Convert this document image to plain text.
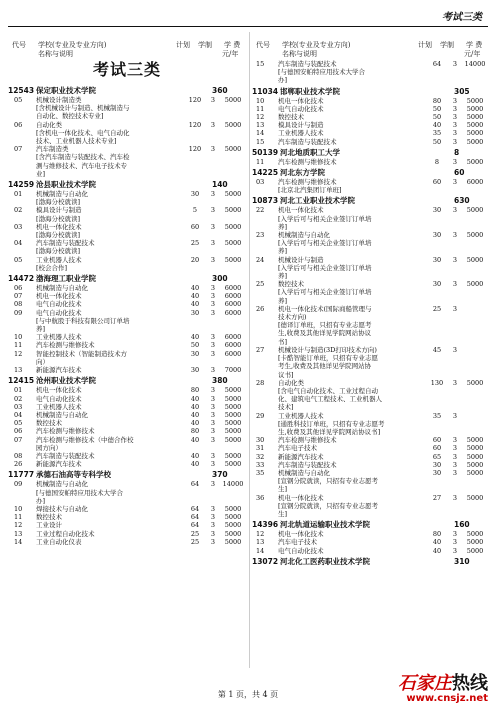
考试三类
代号 学校(专业及专业方向)
名称与说明
计划 学制 学 费
元/年
代号 学校(专业及专业方向)
名称与说明
计划 学制 学 费
元/年
考试三类
12543 保定职业技术学院	360
05	机械设计制造类
[含机械设计与制造、机械制造与
自动化、数控技术专业]
120	3	5000
06	自动化类
[含机电一体化技术、电气自动化
技术、工业机器人技术专业]
120	3	5000
07	汽车制造类
[含汽车制造与装配技术、汽车检
测与维修技术、汽车电子技术专
业]
120	3	5000
14259 沧县职业技术学院	140
01	机械制造与自动化
[渤海分校就读]
30	3	5000
02	模具设计与制造
[渤海分校就读]
5	3	5000
03	机电一体化技术
[渤海分校就读]
60	3	5000
04	汽车制造与装配技术
[渤海分校就读]
25	3	5000
05	工业机器人技术
[校会合作]
20	3	5000
14472 渤海理工职业学院	300
06	机械制造与自动化	40	3	6000
07	机电一体化技术	40	3	6000
08	电气自动化技术	40	3	6000
09	电气自动化技术
[与中航股于科技有限公司订单培
养]
30	3	6000
10	工业机器人技术	40	3	6000
11	汽车检测与维修技术	50	3	6000
12	智能控制技术（智能制造技术方
向）
30	3	6000
13	新能源汽车技术	30	3	7000
12415 沧州职业技术学院	380
01	机电一体化技术	80	3	5000
02	电气自动化技术	40	3	5000
03	工业机器人技术	40	3	5000
04	机械制造与自动化	40	3	5000
05	数控技术	40	3	5000
06	汽车检测与维修技术	80	3	5000
07	汽车检测与维修技术（中德合作校
园方向）
40	3	5000
08	汽车制造与装配技术	40	3	5000
26	新能源汽车技术	40	3	5000
11777 承德石油高等专科学校	370
09	机械制造与自动化
[与德国安帕特应用技术大学合
办]
64	3	14000
10	焊接技术与自动化	64	3	5000
11	数控技术	64	3	5000
12	工业设计	64	3	5000
13	工业过程自动化技术	25	3	5000
14	工业自动化仪表	25	3	5000
15	汽车制造与装配技术
[与德国安帕特应用技术大学合
办]
64	3	14000
11034 邯郸职业技术学院	305
10	机电一体化技术	80	3	5000
11	电气自动化技术	50	3	5000
12	数控技术	50	3	5000
13	模具设计与制造	40	3	5000
14	工业机器人技术	35	3	5000
15	汽车制造与装配技术	50	3	5000
50139 河北地质职工大学	8
11	汽车检测与维修技术	8	3	5000
14225 河北东方学院	60
03	汽车检测与维修技术
[北京北汽集团订单班]
60	3	6000
10873 河北工业职业技术学院	630
22	机电一体化技术
[入学后可与相关企业签订订单培
养]
30	3	5000
23	机械制造与自动化
[入学后可与相关企业签订订单培
养]
30	3	5000
24	机械设计与制造
[入学后可与相关企业签订订单培
养]
30	3	5000
25	数控技术
[入学后可与相关企业签订订单培
养]
30	3	5000
26	机电一体化技术(国际商船管理与
技术方向)
[德译订单班，只招有专业志愿考
生,收费及其他详见学院网站协议
书]
25	3
27	机械设计与制造(3D打印技术方向)
[卡酷智能订单班，只招有专业志愿
考生,收费及其他详见学院网站协
议书]
45	3
28	自动化类
[含电气自动化技术、工业过程自动
化、建筑电气工程技术、工业机器人
技术]
130	3	5000
29	工业机器人技术
[通胜科技订单班，只招有专业志愿考
生,收费及其他详见学院网站协议书]
35	3
30	汽车检测与维修技术	60	3	5000
31	汽车电子技术	60	3	5000
32	新能源汽车技术	65	3	5000
33	汽车制造与装配技术	30	3	5000
35	机械制造与自动化
[宣钢分院就读，只招有专业志愿考
生]
30	3	5000
36	机电一体化技术
[宣钢分院就读，只招有专业志愿考
生]
27	3	5000
14396 河北轨道运输职业技术学院	160
12	机电一体化技术	80	3	5000
13	汽车电子技术	40	3	5000
14	电气自动化技术	40	3	5000
13072 河北化工医药职业技术学院	310
第 1 页，共 4 页
石家庄热线
www.cnsjz.net
